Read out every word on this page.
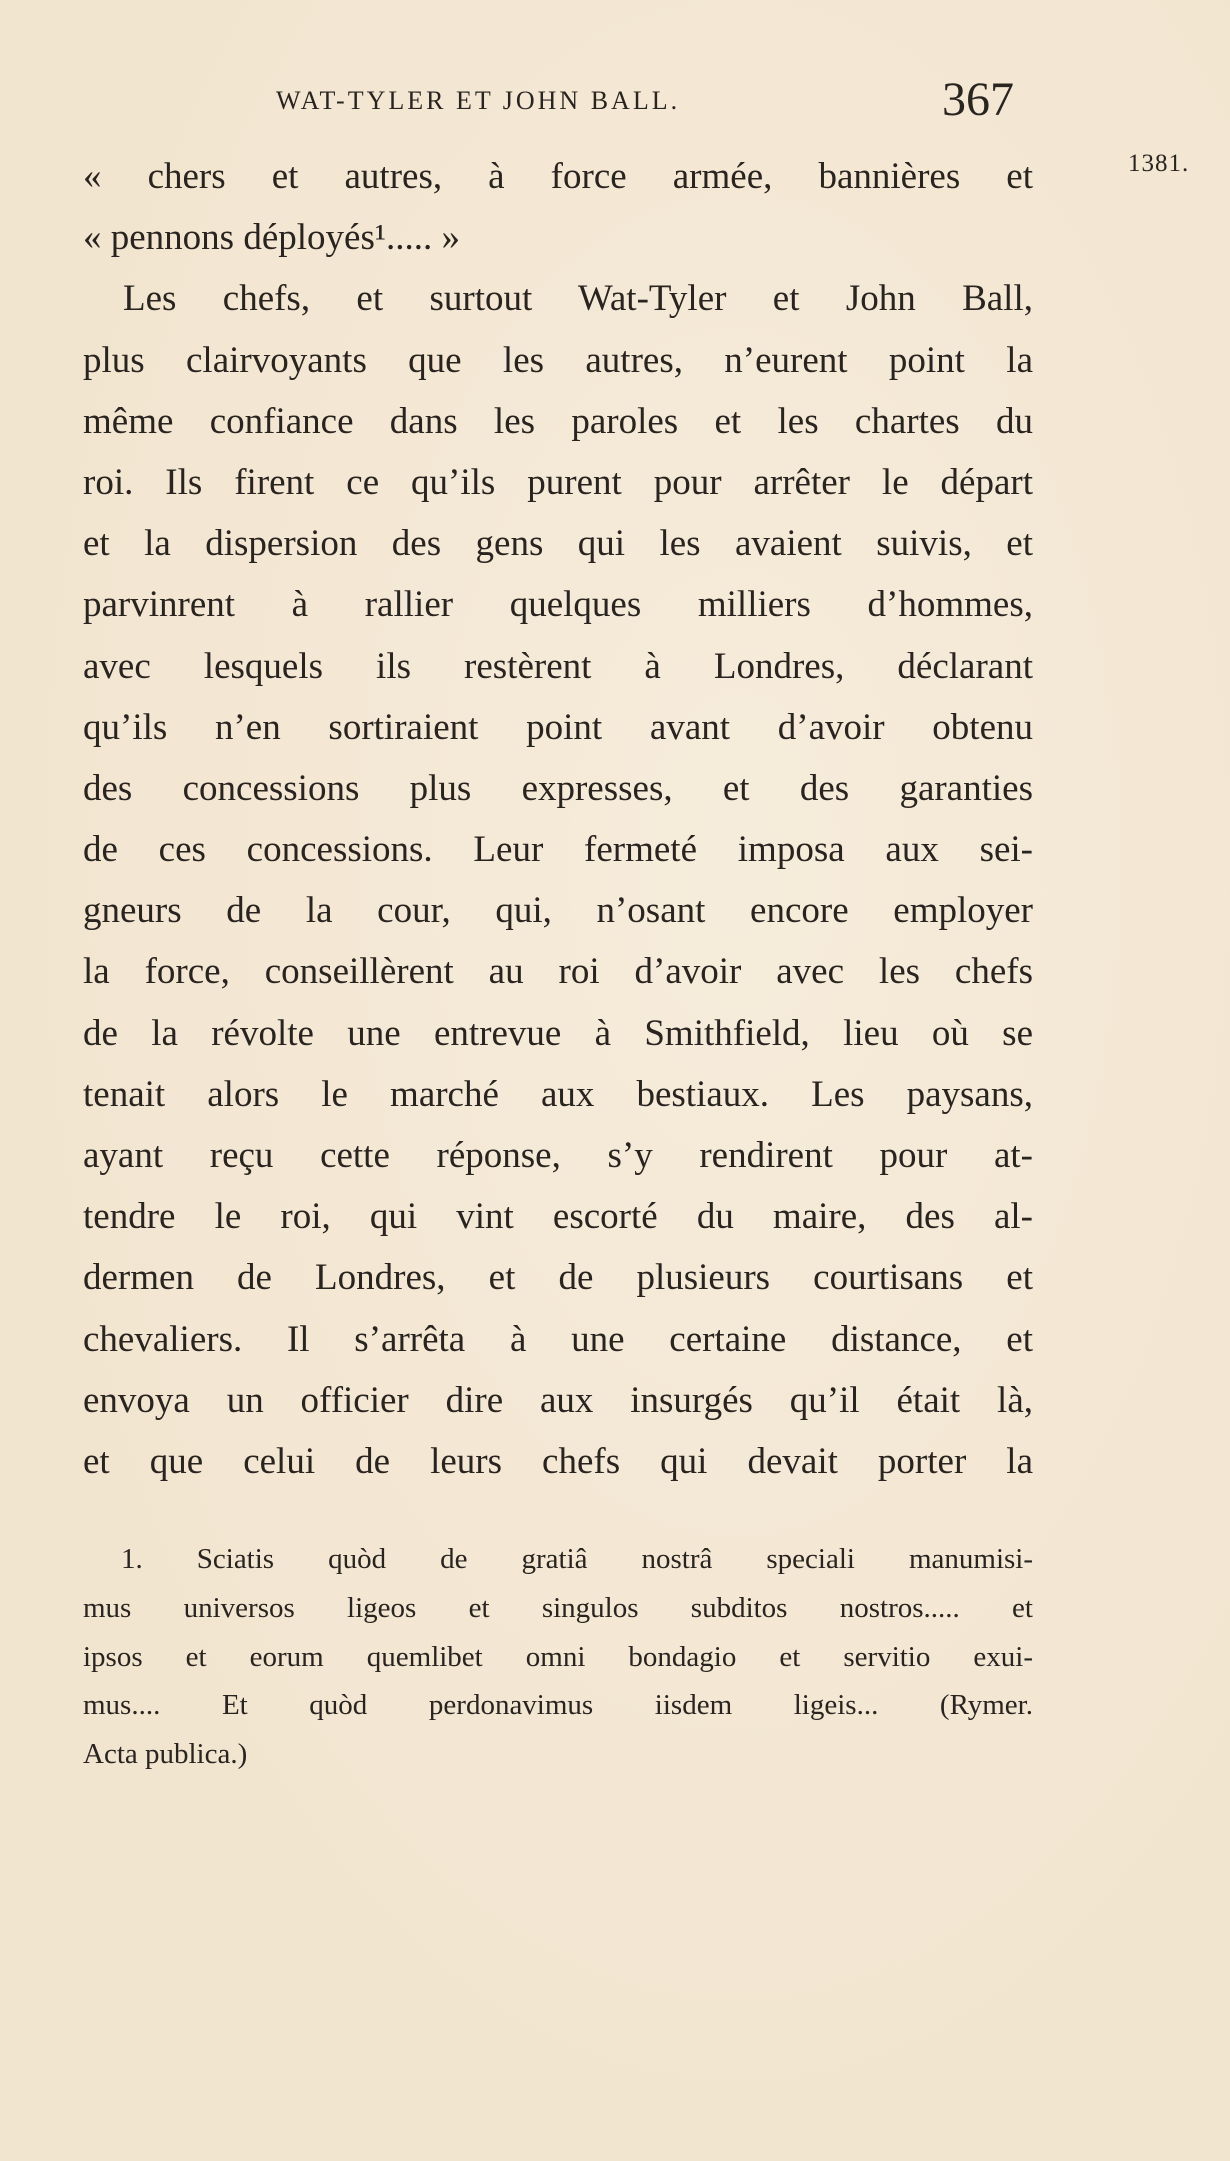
WAT-TYLER ET JOHN BALL.	367
1381.
« chers et autres, à force armée, bannières et
« pennons déployés¹..... »
Les chefs, et surtout Wat-Tyler et John Ball,
plus clairvoyants que les autres, n’eurent point la
même confiance dans les paroles et les chartes du
roi. Ils firent ce qu’ils purent pour arrêter le départ
et la dispersion des gens qui les avaient suivis, et
parvinrent à rallier quelques milliers d’hommes,
avec lesquels ils restèrent à Londres, déclarant
qu’ils n’en sortiraient point avant d’avoir obtenu
des concessions plus expresses, et des garanties
de ces concessions. Leur fermeté imposa aux sei-
gneurs de la cour, qui, n’osant encore employer
la force, conseillèrent au roi d’avoir avec les chefs
de la révolte une entrevue à Smithfield, lieu où se
tenait alors le marché aux bestiaux. Les paysans,
ayant reçu cette réponse, s’y rendirent pour at-
tendre le roi, qui vint escorté du maire, des al-
dermen de Londres, et de plusieurs courtisans et
chevaliers. Il s’arrêta à une certaine distance, et
envoya un officier dire aux insurgés qu’il était là,
et que celui de leurs chefs qui devait porter la
1. Sciatis quòd de gratiâ nostrâ speciali manumisi-
mus universos ligeos et singulos subditos nostros..... et
ipsos et eorum quemlibet omni bondagio et servitio exui-
mus.... Et quòd perdonavimus iisdem ligeis... (Rymer.
Acta publica.)
